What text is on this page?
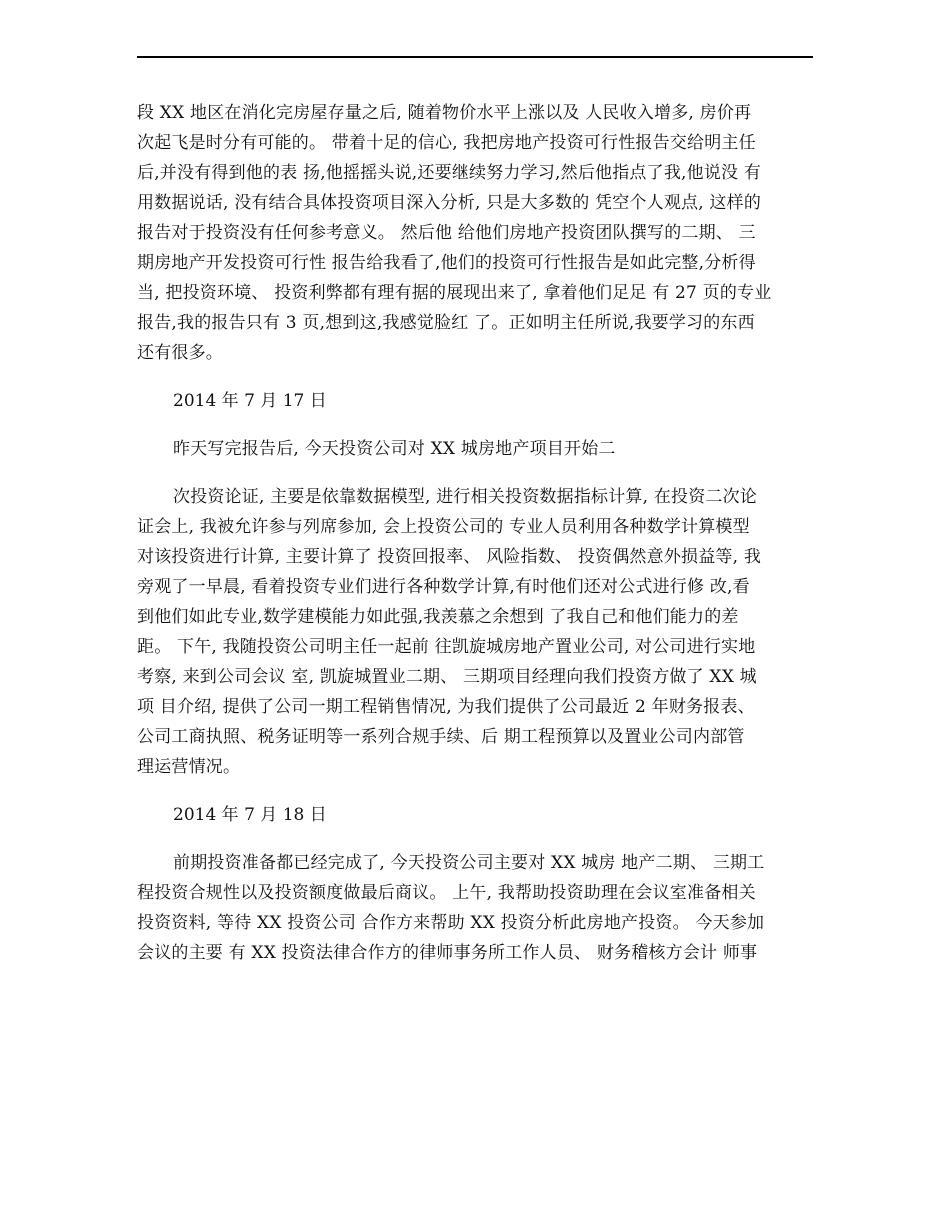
段 XX 地区在消化完房屋存量之后, 随着物价水平上涨以及 人民收入增多, 房价再
次起飞是时分有可能的。 带着十足的信心, 我把房地产投资可行性报告交给明主任
后,并没有得到他的表 扬,他摇摇头说,还要继续努力学习,然后他指点了我,他说没 有
用数据说话, 没有结合具体投资项目深入分析, 只是大多数的 凭空个人观点, 这样的
报告对于投资没有任何参考意义。 然后他 给他们房地产投资团队撰写的二期、 三
期房地产开发投资可行性 报告给我看了,他们的投资可行性报告是如此完整,分析得
当, 把投资环境、 投资利弊都有理有据的展现出来了, 拿着他们足足 有 27 页的专业
报告,我的报告只有 3 页,想到这,我感觉脸红 了。正如明主任所说,我要学习的东西
还有很多。

2014 年 7 月 17 日

昨天写完报告后, 今天投资公司对 XX 城房地产项目开始二

次投资论证, 主要是依靠数据模型, 进行相关投资数据指标计算, 在投资二次论
证会上, 我被允许参与列席参加, 会上投资公司的 专业人员利用各种数学计算模型
对该投资进行计算, 主要计算了 投资回报率、 风险指数、 投资偶然意外损益等, 我
旁观了一早晨, 看着投资专业们进行各种数学计算,有时他们还对公式进行修 改,看
到他们如此专业,数学建模能力如此强,我羡慕之余想到 了我自己和他们能力的差
距。 下午, 我随投资公司明主任一起前 往凯旋城房地产置业公司, 对公司进行实地
考察, 来到公司会议 室, 凯旋城置业二期、 三期项目经理向我们投资方做了 XX 城
项 目介绍, 提供了公司一期工程销售情况, 为我们提供了公司最近 2 年财务报表、
公司工商执照、税务证明等一系列合规手续、后 期工程预算以及置业公司内部管
理运营情况。

2014 年 7 月 18 日

前期投资准备都已经完成了, 今天投资公司主要对 XX 城房 地产二期、 三期工
程投资合规性以及投资额度做最后商议。 上午, 我帮助投资助理在会议室准备相关
投资资料, 等待 XX 投资公司 合作方来帮助 XX 投资分析此房地产投资。 今天参加
会议的主要 有 XX 投资法律合作方的律师事务所工作人员、 财务稽核方会计 师事
